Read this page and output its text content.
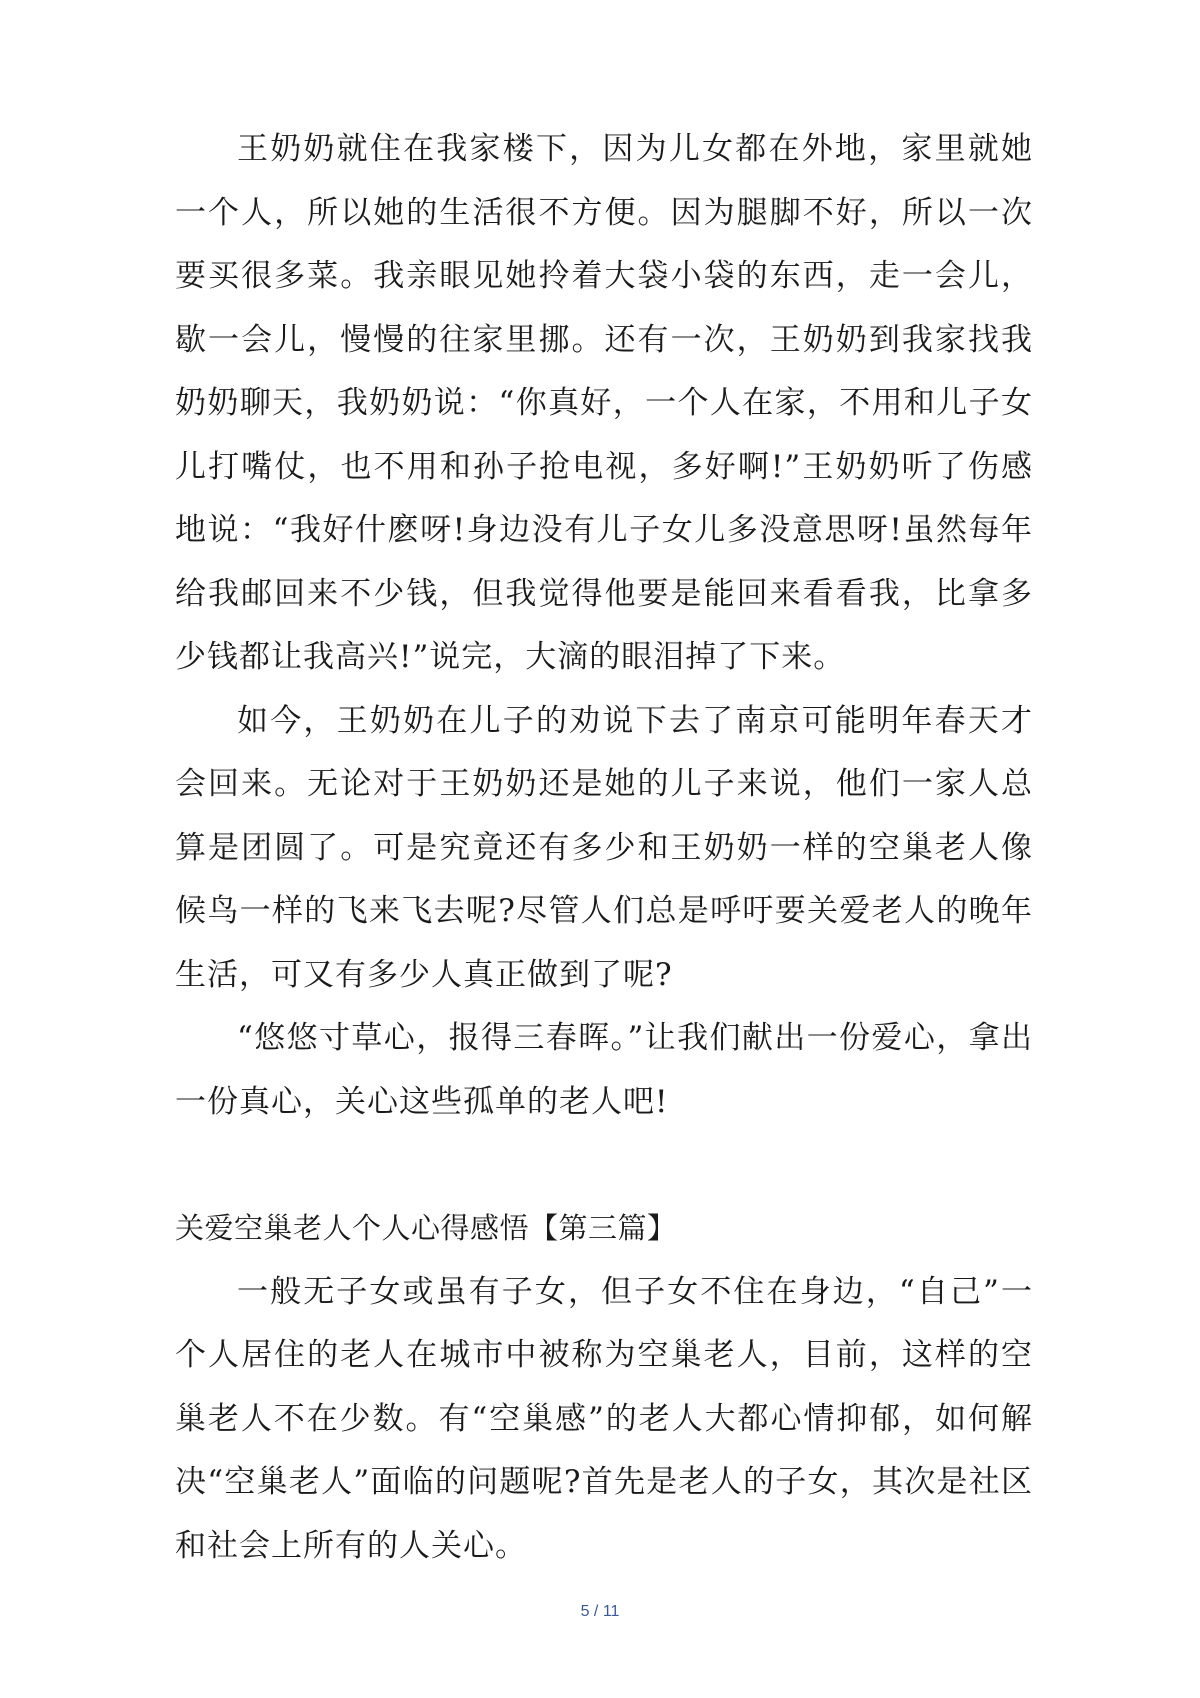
王奶奶就住在我家楼下，因为儿女都在外地，家里就她一个人，所以她的生活很不方便。因为腿脚不好，所以一次要买很多菜。我亲眼见她拎着大袋小袋的东西，走一会儿，歇一会儿，慢慢的往家里挪。还有一次，王奶奶到我家找我奶奶聊天，我奶奶说：“你真好，一个人在家，不用和儿子女儿打嘴仗，也不用和孙子抢电视，多好啊!”王奶奶听了伤感地说：“我好什麽呀!身边没有儿子女儿多没意思呀!虽然每年给我邮回来不少钱，但我觉得他要是能回来看看我，比拿多少钱都让我高兴!”说完，大滴的眼泪掉了下来。

如今，王奶奶在儿子的劝说下去了南京可能明年春天才会回来。无论对于王奶奶还是她的儿子来说，他们一家人总算是团圆了。可是究竟还有多少和王奶奶一样的空巢老人像候鸟一样的飞来飞去呢?尽管人们总是呼吁要关爱老人的晚年生活，可又有多少人真正做到了呢?

“悠悠寸草心，报得三春晖。”让我们献出一份爱心，拿出一份真心，关心这些孤单的老人吧!

关爱空巢老人个人心得感悟【第三篇】

一般无子女或虽有子女，但子女不住在身边，“自己”一个人居住的老人在城市中被称为空巢老人，目前，这样的空巢老人不在少数。有“空巢感”的老人大都心情抑郁，如何解决“空巢老人”面临的问题呢?首先是老人的子女，其次是社区和社会上所有的人关心。

5 / 11
